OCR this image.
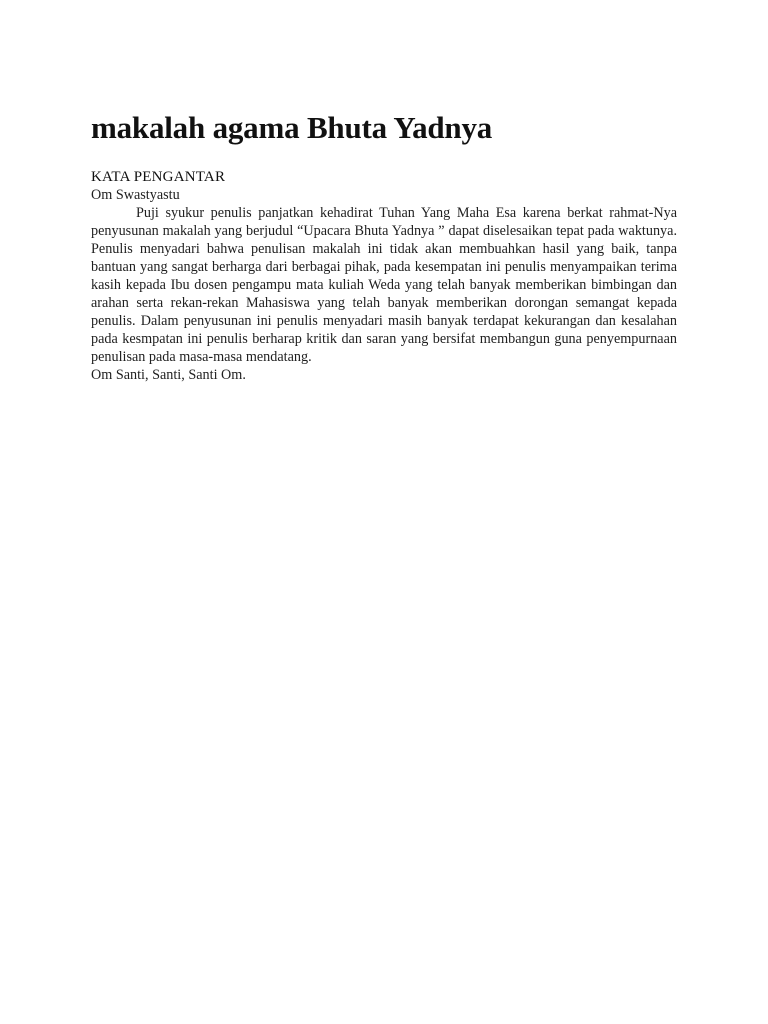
makalah agama Bhuta Yadnya

KATA PENGANTAR

Om Swastyastu

Puji syukur penulis panjatkan kehadirat Tuhan Yang Maha Esa karena berkat rahmat-Nya penyusunan makalah yang berjudul “Upacara Bhuta Yadnya ” dapat diselesaikan tepat pada waktunya. Penulis menyadari bahwa penulisan makalah ini tidak akan membuahkan hasil yang baik, tanpa bantuan yang sangat berharga dari berbagai pihak, pada kesempatan ini penulis menyampaikan terima kasih kepada Ibu dosen pengampu mata kuliah Weda yang telah banyak memberikan bimbingan dan arahan serta rekan-rekan Mahasiswa yang telah banyak memberikan dorongan semangat kepada penulis. Dalam penyusunan ini penulis menyadari masih banyak terdapat kekurangan dan kesalahan pada kesmpatan ini penulis berharap kritik dan saran yang bersifat membangun guna penyempurnaan penulisan pada masa-masa mendatang.

Om Santi, Santi, Santi Om.
